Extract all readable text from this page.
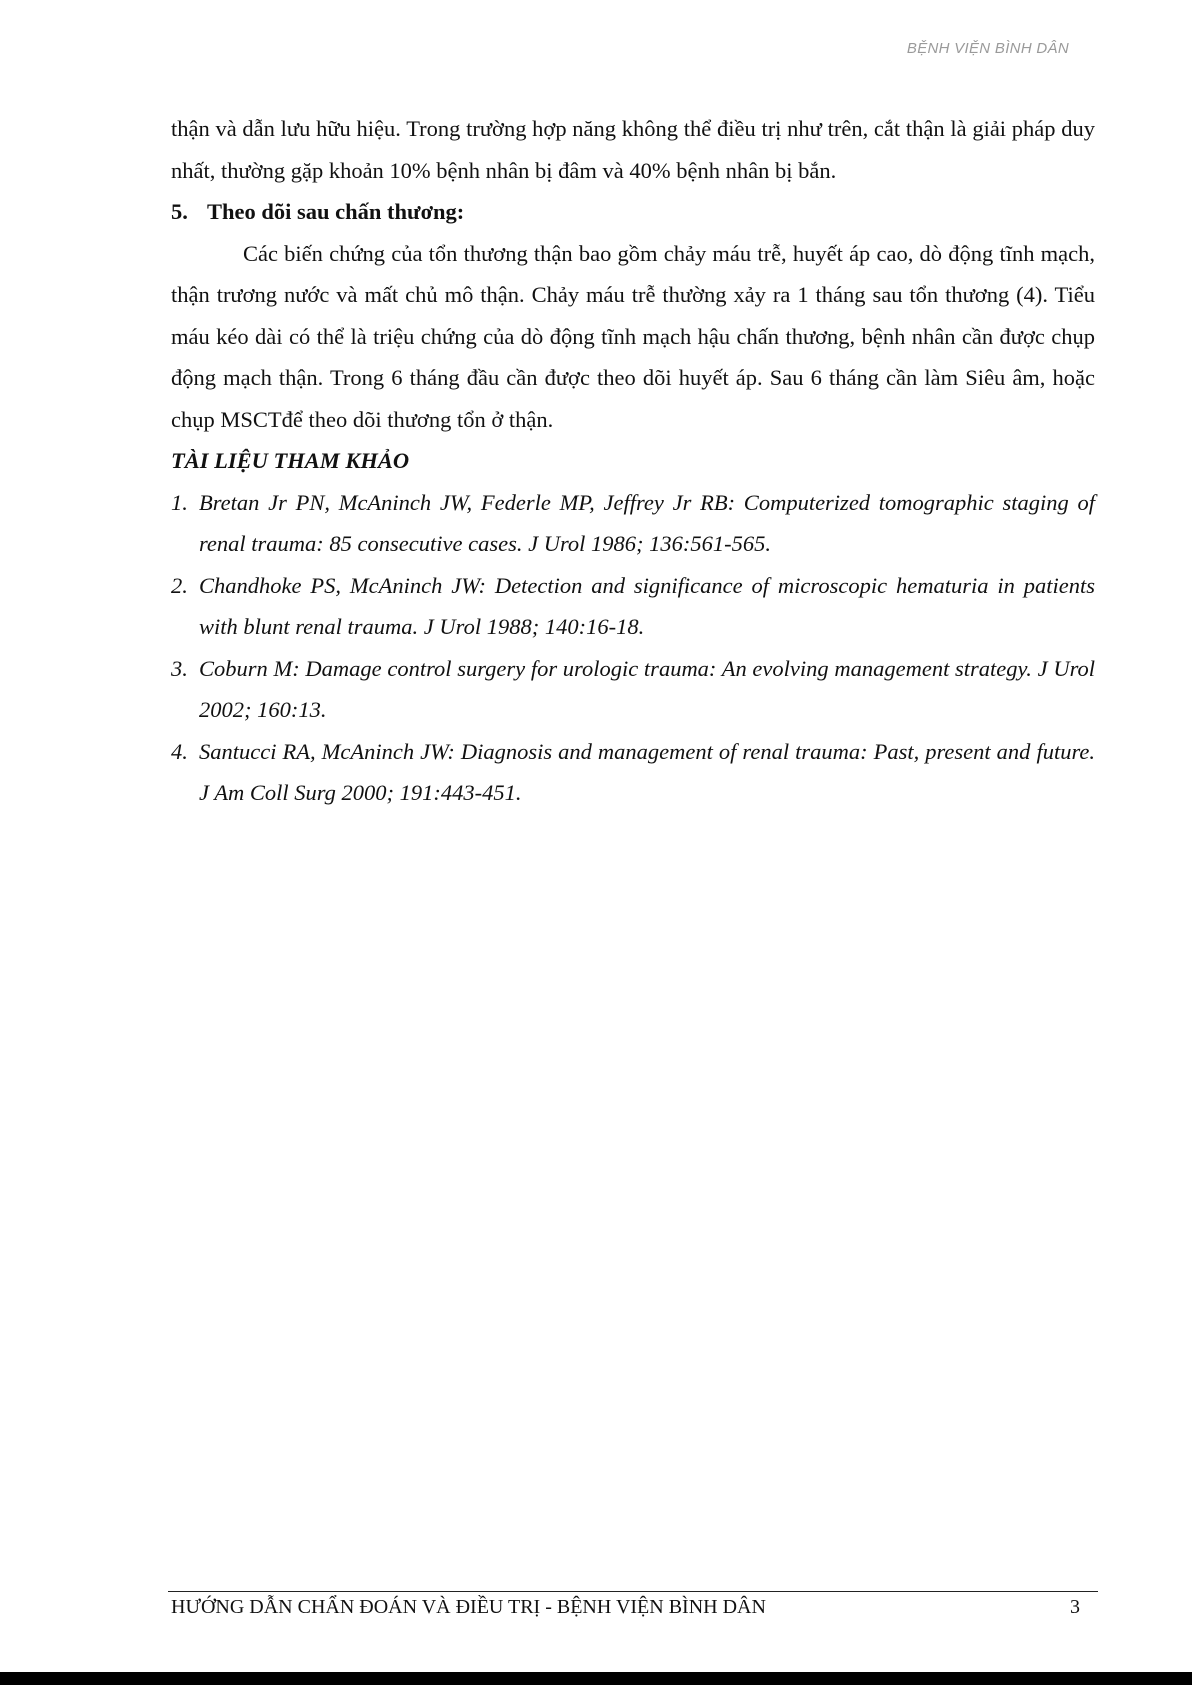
BỆNH VIỆN BÌNH DÂN

thận và dẫn lưu hữu hiệu. Trong trường hợp năng không thể điều trị như trên, cắt thận là giải pháp duy nhất, thường gặp khoản 10% bệnh nhân bị đâm và 40% bệnh nhân bị bắn.

5. Theo dõi sau chấn thương:

Các biến chứng của tổn thương thận bao gồm chảy máu trễ, huyết áp cao, dò động tĩnh mạch, thận trương nước và mất chủ mô thận. Chảy máu trễ thường xảy ra 1 tháng sau tổn thương (4). Tiểu máu kéo dài có thể là triệu chứng của dò động tĩnh mạch hậu chấn thương, bệnh nhân cần được chụp động mạch thận. Trong 6 tháng đầu cần được theo dõi huyết áp. Sau 6 tháng cần làm Siêu âm, hoặc chụp MSCTđể theo dõi thương tổn ở thận.

TÀI LIỆU THAM KHẢO

1. Bretan Jr PN, McAninch JW, Federle MP, Jeffrey Jr RB: Computerized tomographic staging of renal trauma: 85 consecutive cases. J Urol 1986; 136:561-565.
2. Chandhoke PS, McAninch JW: Detection and significance of microscopic hematuria in patients with blunt renal trauma. J Urol 1988; 140:16-18.
3. Coburn M: Damage control surgery for urologic trauma: An evolving management strategy. J Urol 2002; 160:13.
4. Santucci RA, McAninch JW: Diagnosis and management of renal trauma: Past, present and future. J Am Coll Surg 2000; 191:443-451.
HƯỚNG DẪN CHẨN ĐOÁN VÀ ĐIỀU TRỊ - BỆNH VIỆN BÌNH DÂN	3
